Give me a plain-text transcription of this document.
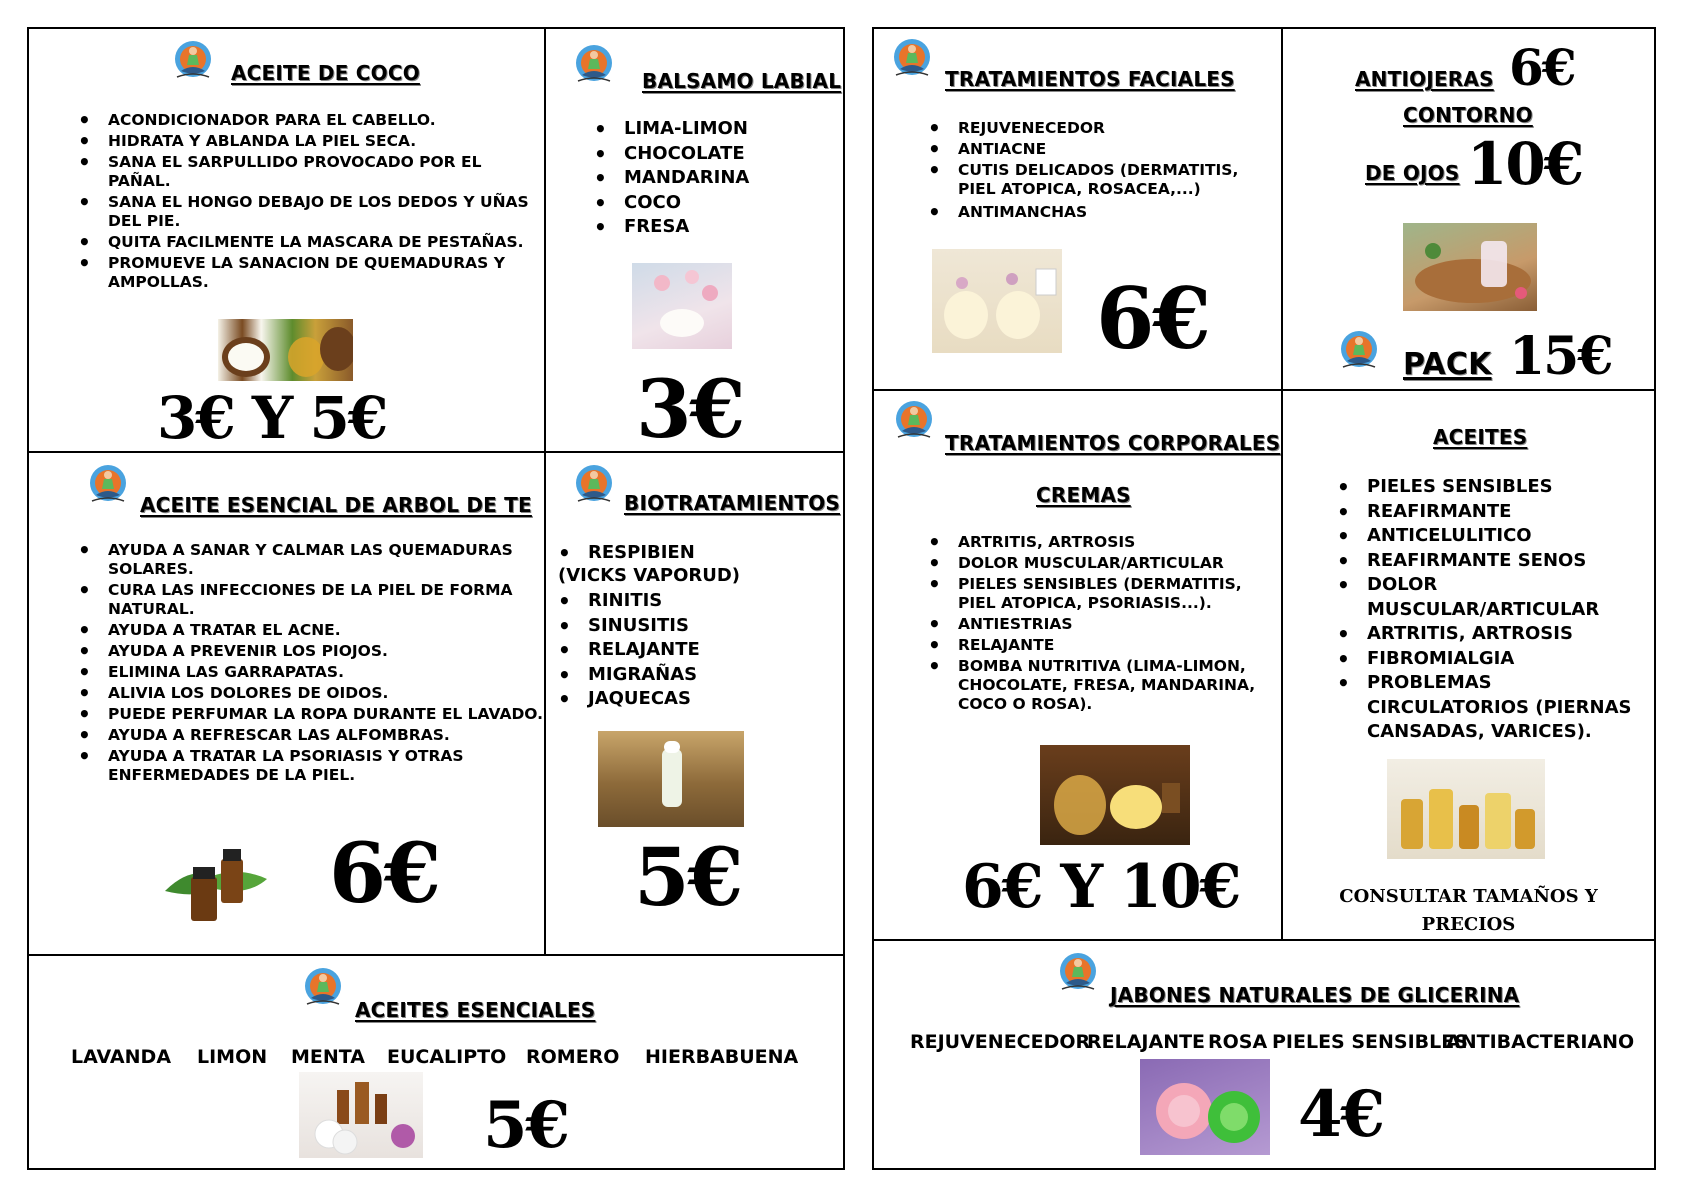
ACEITE DE COCO
• ACONDICIONADOR PARA EL CABELLO.
• HIDRATA Y ABLANDA LA PIEL SECA.
• SANA EL SARPULLIDO PROVOCADO POR EL PAÑAL.
• SANA EL HONGO DEBAJO DE LOS DEDOS Y UÑAS DEL PIE.
• QUITA FACILMENTE LA MASCARA DE PESTAÑAS.
• PROMUEVE LA SANACION DE QUEMADURAS Y AMPOLLAS.
3€ Y 5€
BALSAMO LABIAL
• LIMA-LIMON
• CHOCOLATE
• MANDARINA
• COCO
• FRESA
3€
ACEITE ESENCIAL DE ARBOL DE TE
• AYUDA A SANAR Y CALMAR LAS QUEMADURAS SOLARES.
• CURA LAS INFECCIONES DE LA PIEL DE FORMA NATURAL.
• AYUDA A TRATAR EL ACNE.
• AYUDA A PREVENIR LOS PIOJOS.
• ELIMINA LAS GARRAPATAS.
• ALIVIA LOS DOLORES DE OIDOS.
• PUEDE PERFUMAR LA ROPA DURANTE EL LAVADO.
• AYUDA A REFRESCAR LAS ALFOMBRAS.
• AYUDA A TRATAR LA PSORIASIS Y OTRAS ENFERMEDADES DE LA PIEL.
6€
BIOTRATAMIENTOS
• RESPIBIEN
(VICKS VAPORUD)
• RINITIS
• SINUSITIS
• RELAJANTE
• MIGRAÑAS
• JAQUECAS
5€
ACEITES ESENCIALES
LAVANDA LIMON MENTA EUCALIPTO ROMERO HIERBABUENA
5€
TRATAMIENTOS FACIALES
• REJUVENECEDOR
• ANTIACNE
• CUTIS DELICADOS (DERMATITIS, PIEL ATOPICA, ROSACEA,...)
• ANTIMANCHAS
6€
ANTIOJERAS 6€
CONTORNO
DE OJOS 10€
PACK 15€
TRATAMIENTOS CORPORALES
CREMAS
• ARTRITIS, ARTROSIS
• DOLOR MUSCULAR/ARTICULAR
• PIELES SENSIBLES (DERMATITIS, PIEL ATOPICA, PSORIASIS...).
• ANTIESTRIAS
• RELAJANTE
• BOMBA NUTRITIVA (LIMA-LIMON, CHOCOLATE, FRESA, MANDARINA, COCO O ROSA).
6€ Y 10€
ACEITES
• PIELES SENSIBLES
• REAFIRMANTE
• ANTICELULITICO
• REAFIRMANTE SENOS
• DOLOR MUSCULAR/ARTICULAR
• ARTRITIS, ARTROSIS
• FIBROMIALGIA
• PROBLEMAS CIRCULATORIOS (PIERNAS CANSADAS, VARICES).
CONSULTAR TAMAÑOS Y
PRECIOS
JABONES NATURALES DE GLICERINA
REJUVENECEDOR
RELAJANTE ROSA PIELES SENSIBLES
ANTIBACTERIANO
4€
